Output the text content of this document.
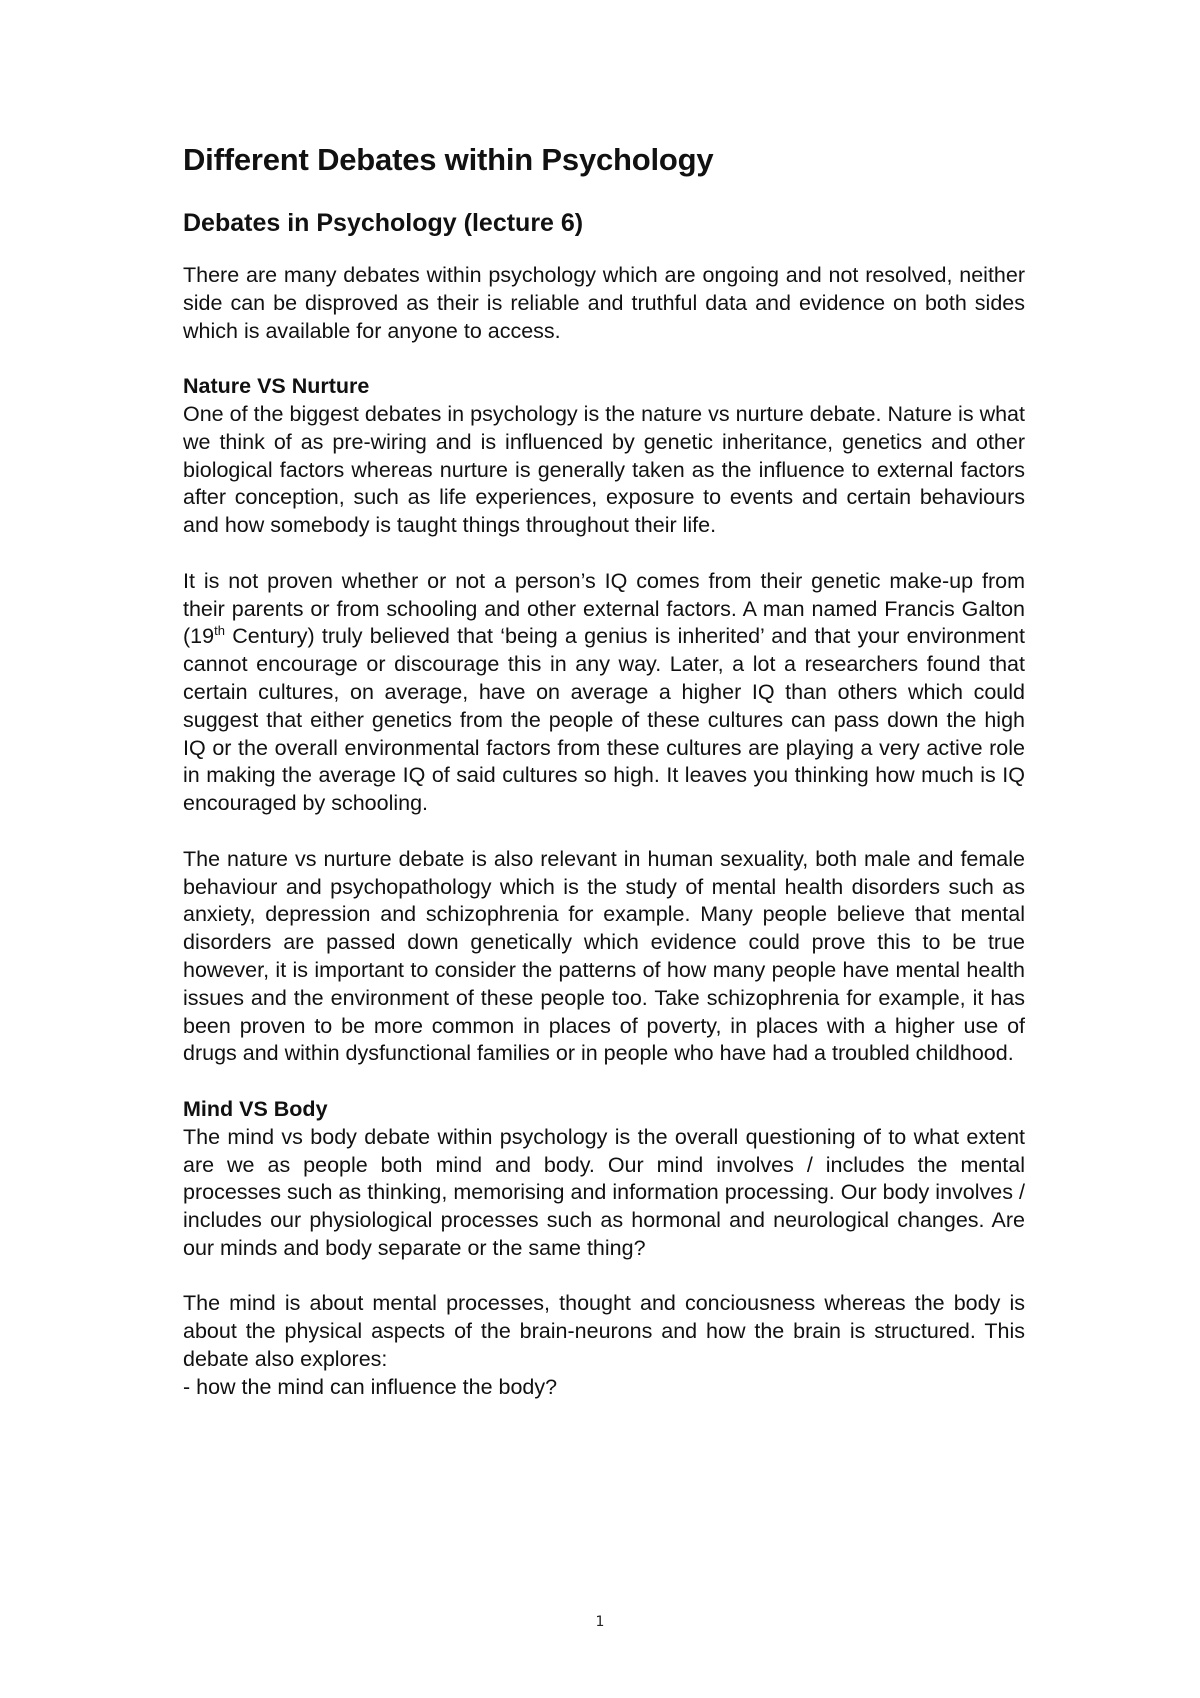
Different Debates within Psychology
Debates in Psychology (lecture 6)

There are many debates within psychology which are ongoing and not resolved, neither side can be disproved as their is reliable and truthful data and evidence on both sides which is available for anyone to access.

Nature VS Nurture

One of the biggest debates in psychology is the nature vs nurture debate. Nature is what we think of as pre-wiring and is influenced by genetic inheritance, genetics and other biological factors whereas nurture is generally taken as the influence to external factors after conception, such as life experiences, exposure to events and certain behaviours and how somebody is taught things throughout their life.

It is not proven whether or not a person’s IQ comes from their genetic make-up from their parents or from schooling and other external factors. A man named Francis Galton (19th Century) truly believed that ‘being a genius is inherited’ and that your environment cannot encourage or discourage this in any way. Later, a lot a researchers found that certain cultures, on average, have on average a higher IQ than others which could suggest that either genetics from the people of these cultures can pass down the high IQ or the overall environmental factors from these cultures are playing a very active role in making the average IQ of said cultures so high. It leaves you thinking how much is IQ encouraged by schooling.

The nature vs nurture debate is also relevant in human sexuality, both male and female behaviour and psychopathology which is the study of mental health disorders such as anxiety, depression and schizophrenia for example. Many people believe that mental disorders are passed down genetically which evidence could prove this to be true however, it is important to consider the patterns of how many people have mental health issues and the environment of these people too. Take schizophrenia for example, it has been proven to be more common in places of poverty, in places with a higher use of drugs and within dysfunctional families or in people who have had a troubled childhood.

Mind VS Body

The mind vs body debate within psychology is the overall questioning of to what extent are we as people both mind and body. Our mind involves / includes the mental processes such as thinking, memorising and information processing. Our body involves / includes our physiological processes such as hormonal and neurological changes. Are our minds and body separate or the same thing?

The mind is about mental processes, thought and conciousness whereas the body is about the physical aspects of the brain-neurons and how the brain is structured. This debate also explores:

- how the mind can influence the body?

1
